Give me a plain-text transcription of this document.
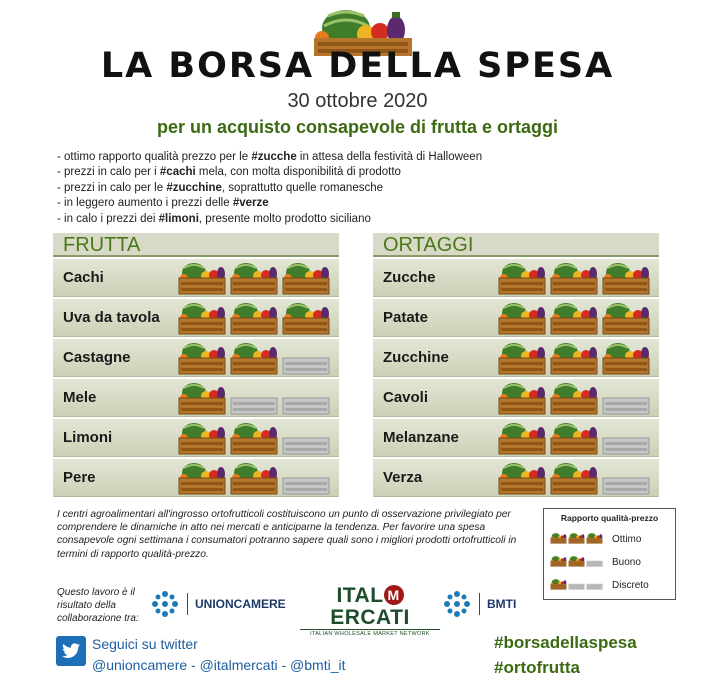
LA BORSA DELLA SPESA
30 ottobre 2020
per un acquisto consapevole di frutta e ortaggi
- ottimo rapporto qualità prezzo per le #zucche in attesa della festività di Halloween
- prezzi in calo per i #cachi mela, con molta disponibilità di prodotto
- prezzi in calo per le #zucchine, soprattutto quelle romanesche
- in leggero aumento i prezzi delle #verze
- in calo i prezzi dei #limoni, presente molto prodotto siciliano
FRUTTA
Cachi
Uva da tavola
Castagne
Mele
Limoni
Pere
ORTAGGI
Zucche
Patate
Zucchine
Cavoli
Melanzane
Verza
I centri agroalimentari all'ingrosso ortofrutticoli costituiscono un punto di osservazione privilegiato per comprendere le dinamiche in atto nei mercati e anticiparne la tendenza. Per favorire una spesa consapevole ogni settimana i consumatori potranno sapere quali sono i migliori prodotti ortofrutticoli in termini di rapporto qualità-prezzo.
Rapporto qualità-prezzo
Ottimo
Buono
Discreto
Questo lavoro è il risultato della collaborazione tra:
UNIONCAMERE	ITAL MERCATI
ITALIAN WHOLESALE MARKET NETWORK
BMTI
Seguici su twitter
@unioncamere - @italmercati - @bmti_it
#borsadellaspesa
#ortofrutta
